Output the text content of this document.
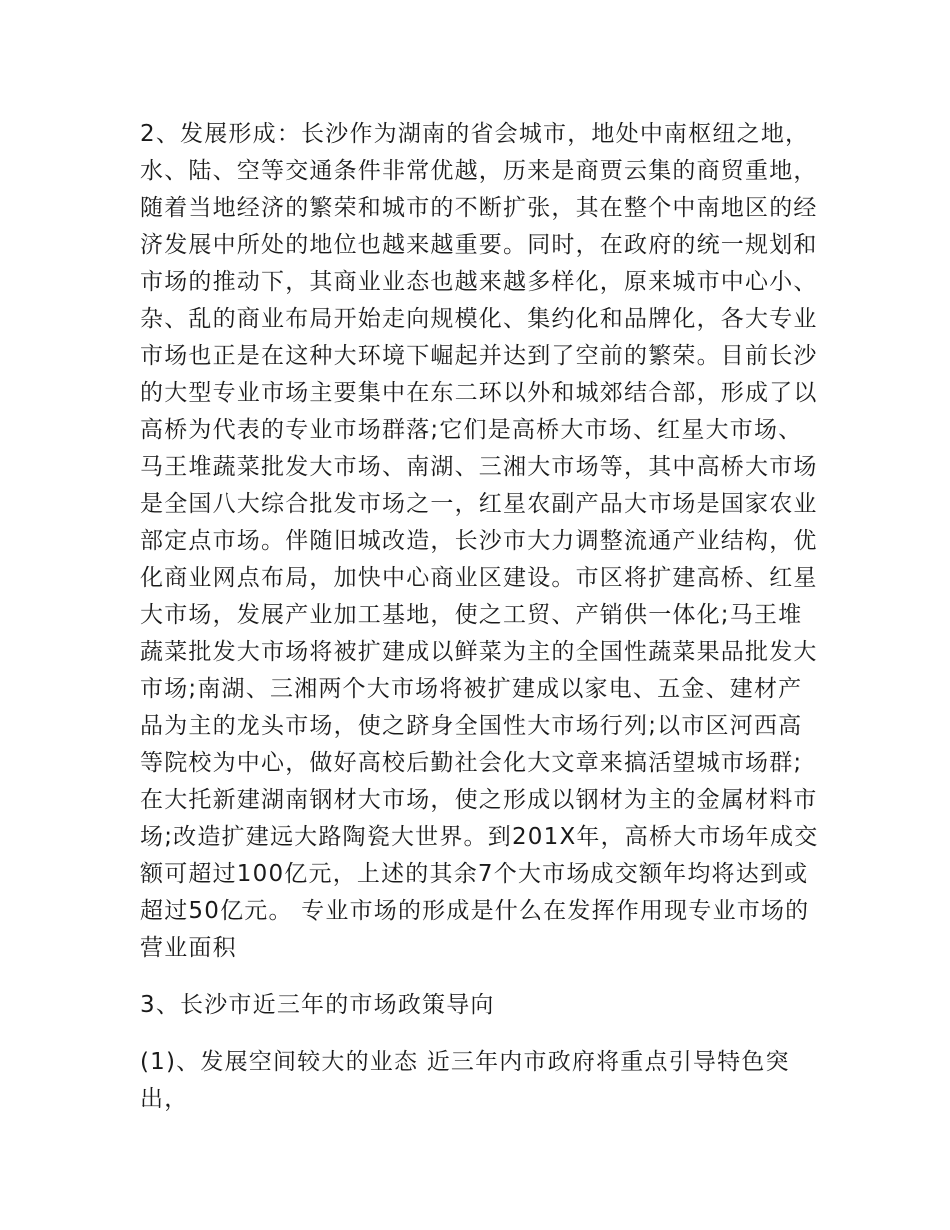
2、发展形成：长沙作为湖南的省会城市，地处中南枢纽之地，水、陆、空等交通条件非常优越，历来是商贾云集的商贸重地，随着当地经济的繁荣和城市的不断扩张，其在整个中南地区的经济发展中所处的地位也越来越重要。同时，在政府的统一规划和市场的推动下，其商业业态也越来越多样化，原来城市中心小、杂、乱的商业布局开始走向规模化、集约化和品牌化，各大专业市场也正是在这种大环境下崛起并达到了空前的繁荣。目前长沙的大型专业市场主要集中在东二环以外和城郊结合部，形成了以高桥为代表的专业市场群落;它们是高桥大市场、红星大市场、马王堆蔬菜批发大市场、南湖、三湘大市场等，其中高桥大市场是全国八大综合批发市场之一，红星农副产品大市场是国家农业部定点市场。伴随旧城改造，长沙市大力调整流通产业结构，优化商业网点布局，加快中心商业区建设。市区将扩建高桥、红星大市场，发展产业加工基地，使之工贸、产销供一体化;马王堆蔬菜批发大市场将被扩建成以鲜菜为主的全国性蔬菜果品批发大市场;南湖、三湘两个大市场将被扩建成以家电、五金、建材产品为主的龙头市场，使之跻身全国性大市场行列;以市区河西高等院校为中心，做好高校后勤社会化大文章来搞活望城市场群;在大托新建湖南钢材大市场，使之形成以钢材为主的金属材料市场;改造扩建远大路陶瓷大世界。到201X年，高桥大市场年成交额可超过100亿元，上述的其余7个大市场成交额年均将达到或超过50亿元。 专业市场的形成是什么在发挥作用现专业市场的营业面积

3、长沙市近三年的市场政策导向

(1)、发展空间较大的业态 近三年内市政府将重点引导特色突出，
